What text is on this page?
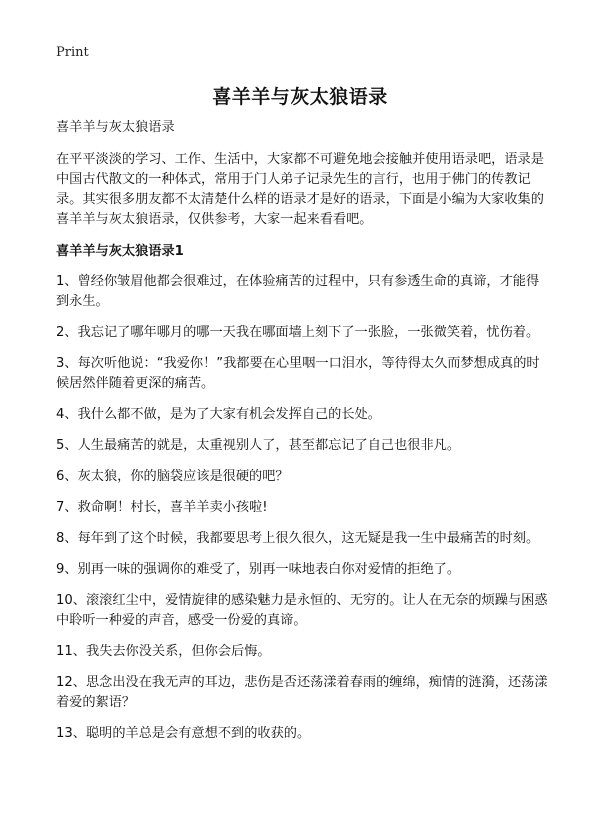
Print
喜羊羊与灰太狼语录

喜羊羊与灰太狼语录

在平平淡淡的学习、工作、生活中，大家都不可避免地会接触并使用语录吧，语录是中国古代散文的一种体式，常用于门人弟子记录先生的言行，也用于佛门的传教记录。其实很多朋友都不太清楚什么样的语录才是好的语录，下面是小编为大家收集的喜羊羊与灰太狼语录，仅供参考，大家一起来看看吧。

喜羊羊与灰太狼语录1

1、曾经你皱眉他都会很难过，在体验痛苦的过程中，只有参透生命的真谛，才能得到永生。
2、我忘记了哪年哪月的哪一天我在哪面墙上刻下了一张脸，一张微笑着，忧伤着。
3、每次听他说：“我爱你！”我都要在心里咽一口泪水，等待得太久而梦想成真的时候居然伴随着更深的痛苦。
4、我什么都不做，是为了大家有机会发挥自己的长处。
5、人生最痛苦的就是，太重视别人了，甚至都忘记了自己也很非凡。
6、灰太狼，你的脑袋应该是很硬的吧？
7、救命啊！村长，喜羊羊卖小孩啦!
8、每年到了这个时候，我都要思考上很久很久，这无疑是我一生中最痛苦的时刻。
9、别再一味的强调你的难受了，别再一味地表白你对爱情的拒绝了。
10、滚滚红尘中，爱情旋律的感染魅力是永恒的、无穷的。让人在无奈的烦躁与困惑中聆听一种爱的声音，感受一份爱的真谛。
11、我失去你没关系，但你会后悔。
12、思念出没在我无声的耳边，悲伤是否还荡漾着春雨的缠绵，痴情的涟漪，还荡漾着爱的絮语？
13、聪明的羊总是会有意想不到的收获的。
